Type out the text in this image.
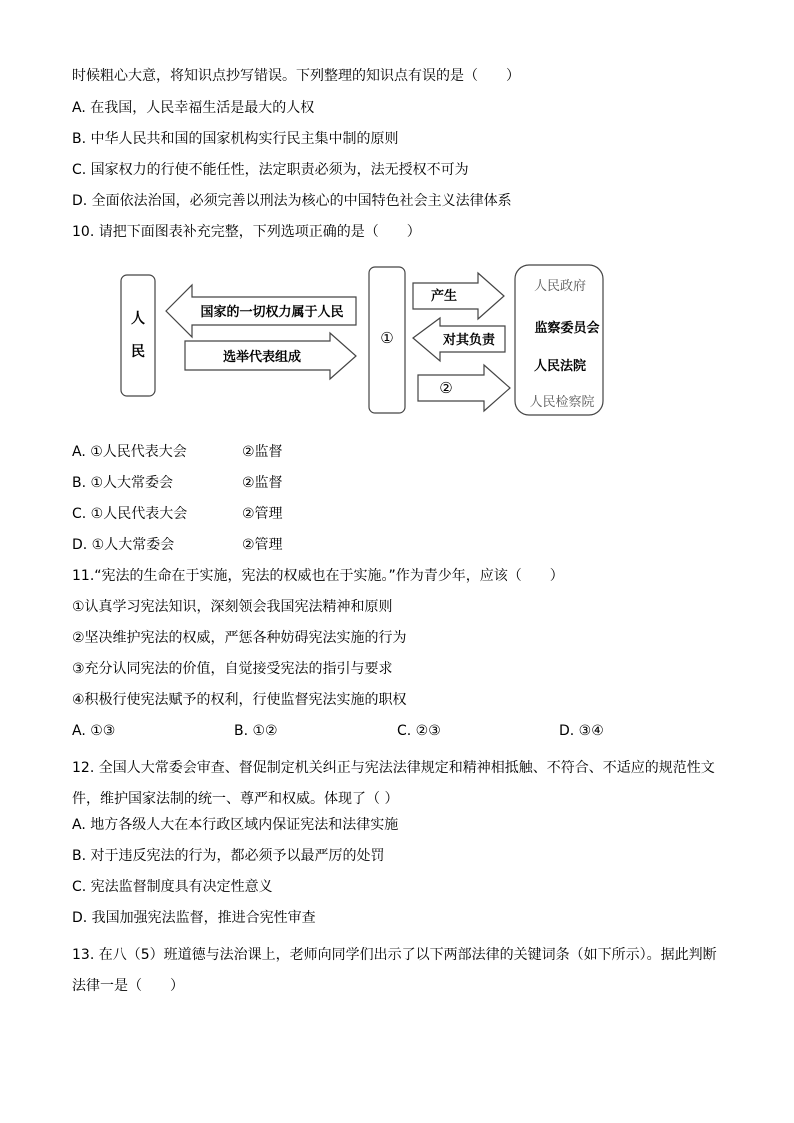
时候粗心大意，将知识点抄写错误。下列整理的知识点有误的是（　　）
A. 在我国，人民幸福生活是最大的人权
B. 中华人民共和国的国家机构实行民主集中制的原则
C. 国家权力的行使不能任性，法定职责必须为，法无授权不可为
D. 全面依法治国，必须完善以刑法为核心的中国特色社会主义法律体系
10. 请把下面图表补充完整，下列选项正确的是（　　）
人
民
国家的一切权力属于人民
选举代表组成
①
产生
对其负责
②
人民政府
监察委员会
人民法院
人民检察院
A. ①人民代表大会	②监督
B. ①人大常委会	②监督
C. ①人民代表大会	②管理
D. ①人大常委会	②管理
11.“宪法的生命在于实施，宪法的权威也在于实施。”作为青少年，应该（　　）
①认真学习宪法知识，深刻领会我国宪法精神和原则
②坚决维护宪法的权威，严惩各种妨碍宪法实施的行为
③充分认同宪法的价值，自觉接受宪法的指引与要求
④积极行使宪法赋予的权利，行使监督宪法实施的职权
A. ①③	B. ①②	C. ②③	D. ③④
12. 全国人大常委会审查、督促制定机关纠正与宪法法律规定和精神相抵触、不符合、不适应的规范性文件，维护国家法制的统一、尊严和权威。体现了（ ）
A. 地方各级人大在本行政区域内保证宪法和法律实施
B. 对于违反宪法的行为，都必须予以最严厉的处罚
C. 宪法监督制度具有决定性意义
D. 我国加强宪法监督，推进合宪性审查
13. 在八（5）班道德与法治课上，老师向同学们出示了以下两部法律的关键词条（如下所示）。据此判断法律一是（　　）
